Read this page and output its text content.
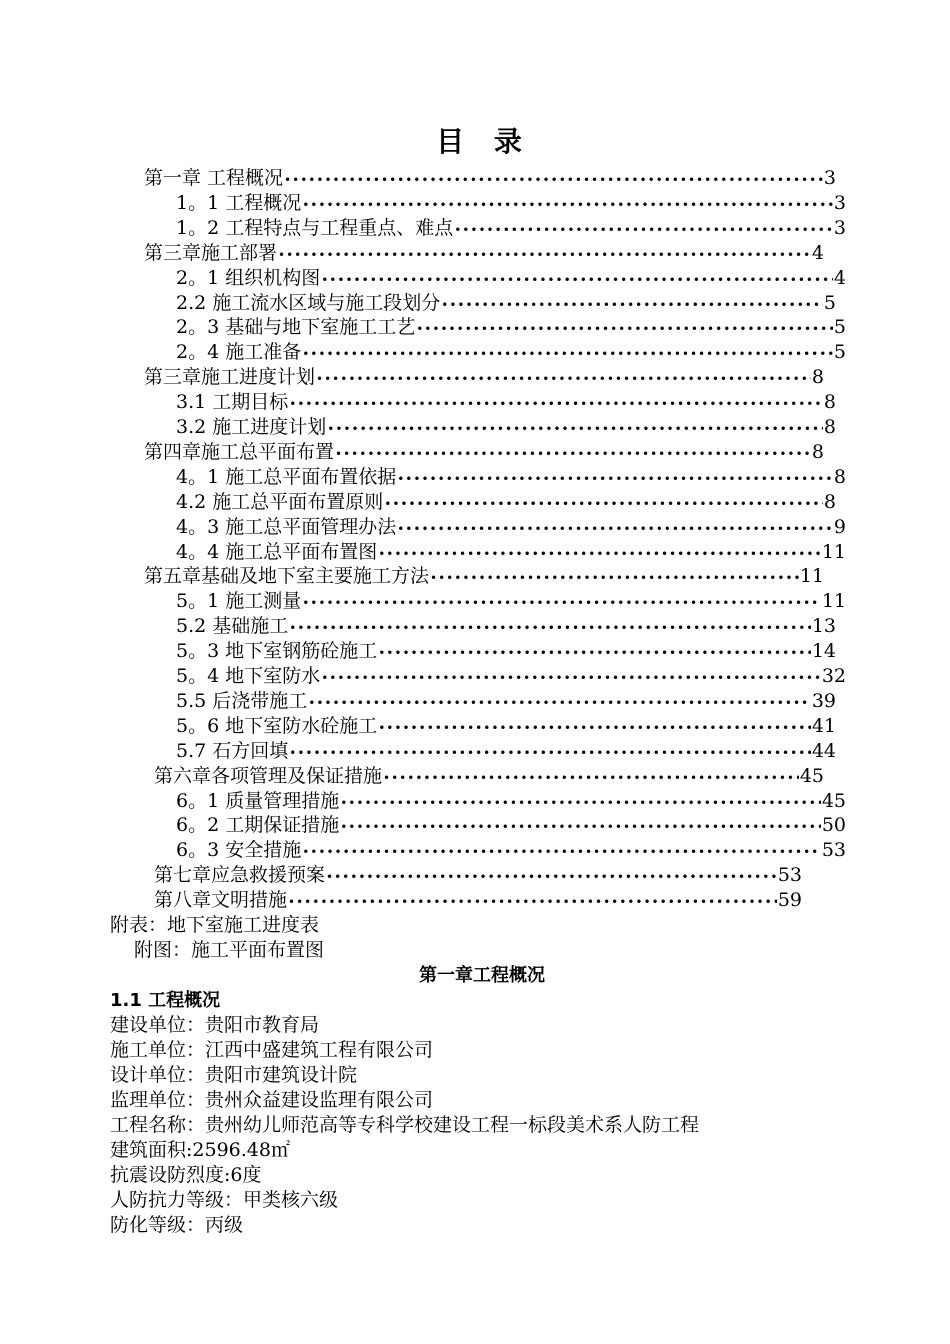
目 录
第一章 工程概况 •••••	3
1。1 工程概况 •••••	3
1。2 工程特点与工程重点、难点 •••••	3
第三章施工部署 •••••	4
2。1 组织机构图 •••••	4
2.2 施工流水区域与施工段划分 •••••	5
2。3 基础与地下室施工工艺 •••••	5
2。4 施工准备 •••••	5
第三章施工进度计划 •••••	8
3.1 工期目标 •••••	8
3.2 施工进度计划 •••••	8
第四章施工总平面布置 •••••	8
4。1 施工总平面布置依据 •••••	8
4.2 施工总平面布置原则 •••••	8
4。3 施工总平面管理办法 •••••	9
4。4 施工总平面布置图 •••••	11
第五章基础及地下室主要施工方法 •••••	11
5。1 施工测量 •••••	11
5.2 基础施工 •••••	13
5。3 地下室钢筋砼施工 •••••	14
5。4 地下室防水 •••••	32
5.5 后浇带施工 •••••	39
5。6 地下室防水砼施工 •••••	41
5.7 石方回填 •••••	44
第六章各项管理及保证措施 •••••	45
6。1 质量管理措施 •••••	45
6。2 工期保证措施 •••••	50
6。3 安全措施 •••••	53
第七章应急救援预案 •••••	53
第八章文明措施 •••••	59
附表：地下室施工进度表
附图：施工平面布置图
第一章工程概况
1.1 工程概况
建设单位：贵阳市教育局
施工单位：江西中盛建筑工程有限公司
设计单位：贵阳市建筑设计院
监理单位：贵州众益建设监理有限公司
工程名称：贵州幼儿师范高等专科学校建设工程一标段美术系人防工程
建筑面积:2596.48㎡
抗震设防烈度:6度
人防抗力等级：甲类核六级
防化等级：丙级
